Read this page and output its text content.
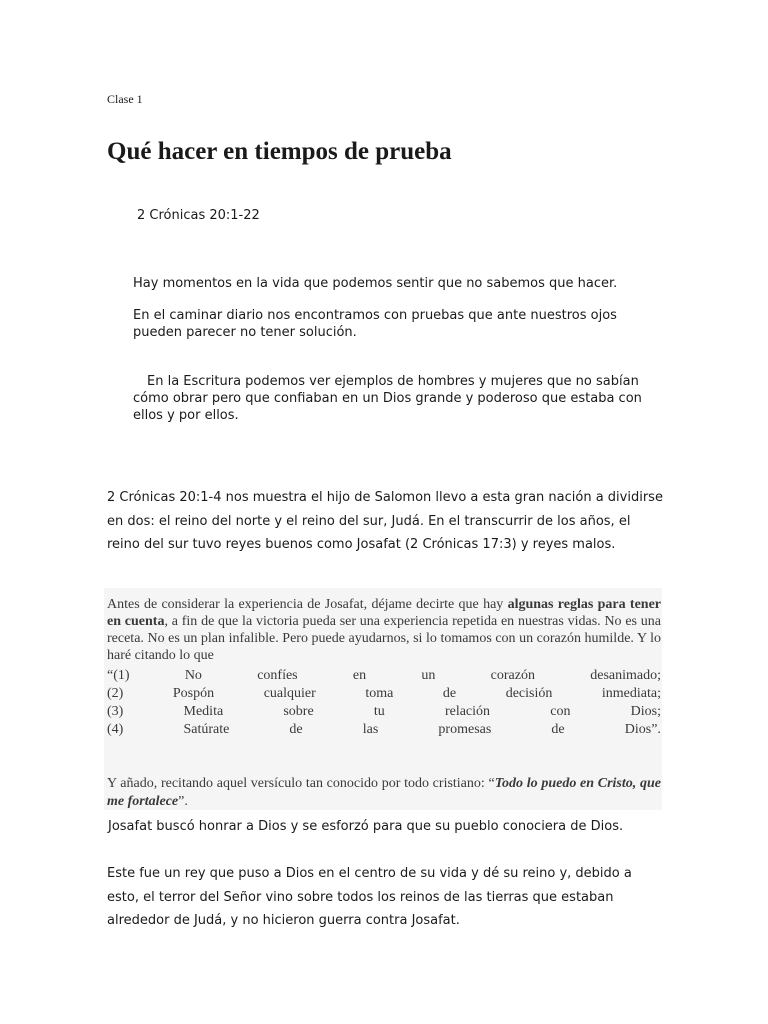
Clase 1
Qué hacer en tiempos de prueba
2 Crónicas 20:1-22

Hay momentos en la vida que podemos sentir que no sabemos que hacer.

En el caminar diario nos encontramos con pruebas que ante nuestros ojos pueden parecer no tener solución.

En la Escritura podemos ver ejemplos de hombres y mujeres que no sabían cómo obrar pero que confiaban en un Dios grande y poderoso que estaba con ellos y por ellos.

2 Crónicas 20:1-4 nos muestra el hijo de Salomon llevo a esta gran nación a dividirse en dos: el reino del norte y el reino del sur, Judá. En el transcurrir de los años, el reino del sur tuvo reyes buenos como Josafat (2 Crónicas 17:3) y reyes malos.

Antes de considerar la experiencia de Josafat, déjame decirte que hay algunas reglas para tener en cuenta, a fin de que la victoria pueda ser una experiencia repetida en nuestras vidas. No es una receta. No es un plan infalible. Pero puede ayudarnos, si lo tomamos con un corazón humilde. Y lo haré citando lo que

“(1)	No	confíes	en	un	corazón	desanimado;
(2)	Pospón	cualquier	toma	de	decisión	inmediata;
(3)	Medita	sobre	tu	relación	con	Dios;
(4)	Satúrate	de	las	promesas	de	Dios”.

Y añado, recitando aquel versículo tan conocido por todo cristiano: “Todo lo puedo en Cristo, que me fortalece”.

Josafat buscó honrar a Dios y se esforzó para que su pueblo conociera de Dios.

Este fue un rey que puso a Dios en el centro de su vida y dé su reino y, debido a esto, el terror del Señor vino sobre todos los reinos de las tierras que estaban alrededor de Judá, y no hicieron guerra contra Josafat.
